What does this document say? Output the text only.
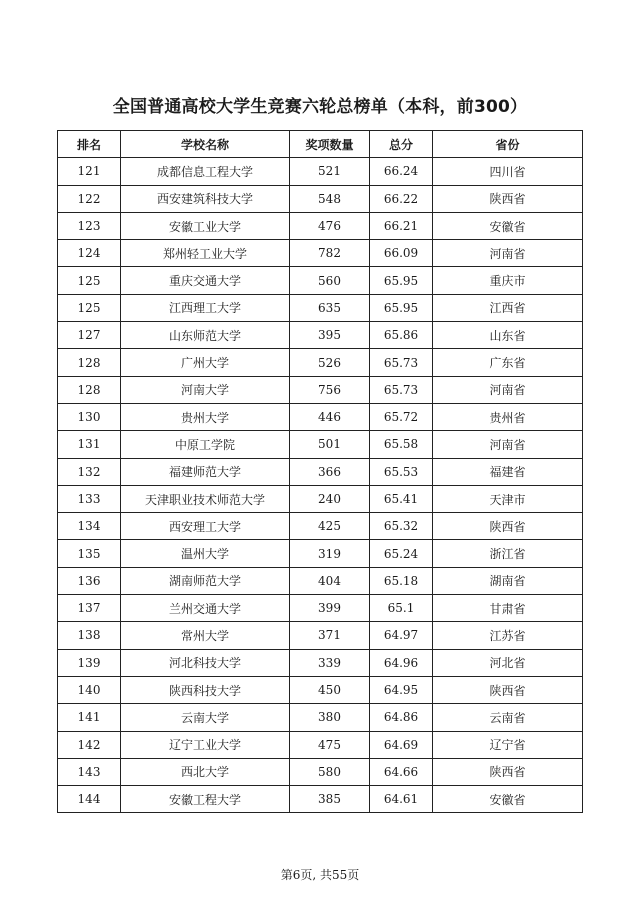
全国普通高校大学生竞赛六轮总榜单（本科，前300）
排名	学校名称	奖项数量	总分	省份
121	成都信息工程大学	521	66.24	四川省
122	西安建筑科技大学	548	66.22	陕西省
123	安徽工业大学	476	66.21	安徽省
124	郑州轻工业大学	782	66.09	河南省
125	重庆交通大学	560	65.95	重庆市
125	江西理工大学	635	65.95	江西省
127	山东师范大学	395	65.86	山东省
128	广州大学	526	65.73	广东省
128	河南大学	756	65.73	河南省
130	贵州大学	446	65.72	贵州省
131	中原工学院	501	65.58	河南省
132	福建师范大学	366	65.53	福建省
133	天津职业技术师范大学	240	65.41	天津市
134	西安理工大学	425	65.32	陕西省
135	温州大学	319	65.24	浙江省
136	湖南师范大学	404	65.18	湖南省
137	兰州交通大学	399	65.1	甘肃省
138	常州大学	371	64.97	江苏省
139	河北科技大学	339	64.96	河北省
140	陕西科技大学	450	64.95	陕西省
141	云南大学	380	64.86	云南省
142	辽宁工业大学	475	64.69	辽宁省
143	西北大学	580	64.66	陕西省
144	安徽工程大学	385	64.61	安徽省
第6页, 共55页
